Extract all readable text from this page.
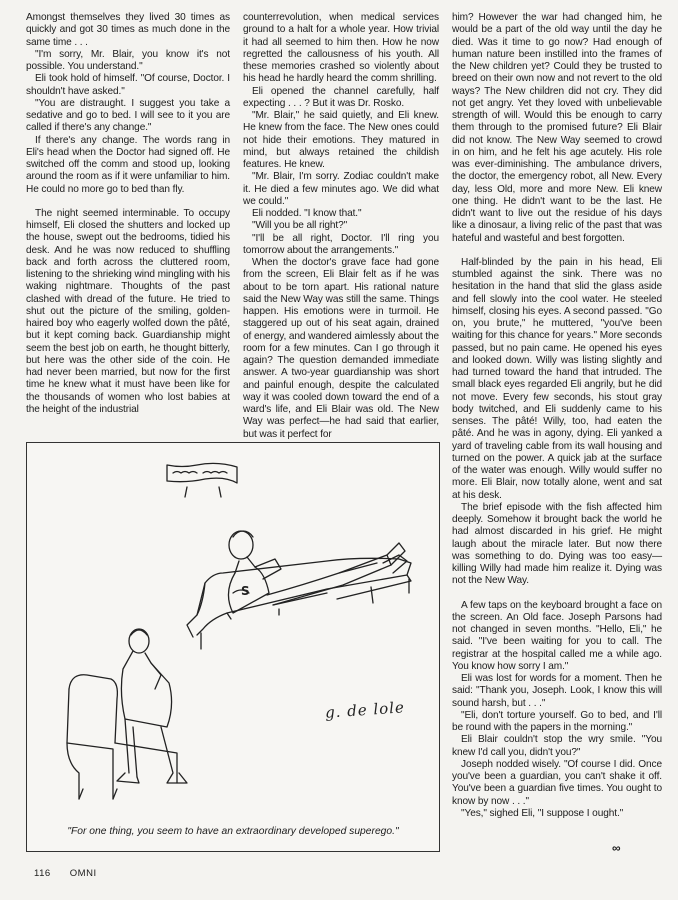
Amongst themselves they lived 30 times as quickly and got 30 times as much done in the same time . . .

"I'm sorry, Mr. Blair, you know it's not possible. You understand."

Eli took hold of himself. "Of course, Doctor. I shouldn't have asked."

"You are distraught. I suggest you take a sedative and go to bed. I will see to it you are called if there's any change."

If there's any change. The words rang in Eli's head when the Doctor had signed off. He switched off the comm and stood up, looking around the room as if it were unfamiliar to him. He could no more go to bed than fly.

The night seemed interminable. To occupy himself, Eli closed the shutters and locked up the house, swept out the bedrooms, tidied his desk. And he was now reduced to shuffling back and forth across the cluttered room, listening to the shrieking wind mingling with his waking nightmare. Thoughts of the past clashed with dread of the future. He tried to shut out the picture of the smiling, golden-haired boy who eagerly wolfed down the pâté, but it kept coming back. Guardianship might seem the best job on earth, he thought bitterly, but here was the other side of the coin. He had never been married, but now for the first time he knew what it must have been like for the thousands of women who lost babies at the height of the industrial

counterrevolution, when medical services ground to a halt for a whole year. How trivial it had all seemed to him then. How he now regretted the callousness of his youth. All these memories crashed so violently about his head he hardly heard the comm shrilling.

Eli opened the channel carefully, half expecting . . . ? But it was Dr. Rosko.

"Mr. Blair," he said quietly, and Eli knew. He knew from the face. The New ones could not hide their emotions. They matured in mind, but always retained the childish features. He knew.

"Mr. Blair, I'm sorry. Zodiac couldn't make it. He died a few minutes ago. We did what we could."

Eli nodded. "I know that."

"Will you be all right?"

"I'll be all right, Doctor. I'll ring you tomorrow about the arrangements."

When the doctor's grave face had gone from the screen, Eli Blair felt as if he was about to be torn apart. His rational nature said the New Way was still the same. Things happen. His emotions were in turmoil. He staggered up out of his seat again, drained of energy, and wandered aimlessly about the room for a few minutes. Can I go through it again? The question demanded immediate answer. A two-year guardianship was short and painful enough, despite the calculated way it was cooled down toward the end of a ward's life, and Eli Blair was old. The New Way was perfect—he had said that earlier, but was it perfect for

him? However the war had changed him, he would be a part of the old way until the day he died. Was it time to go now? Had enough of human nature been instilled into the frames of the New children yet? Could they be trusted to breed on their own now and not revert to the old ways? The New children did not cry. They did not get angry. Yet they loved with unbelievable strength of will. Would this be enough to carry them through to the promised future? Eli Blair did not know. The New Way seemed to crowd in on him, and he felt his age acutely. His role was ever-diminishing. The ambulance drivers, the doctor, the emergency robot, all New. Every day, less Old, more and more New. Eli knew one thing. He didn't want to be the last. He didn't want to live out the residue of his days like a dinosaur, a living relic of the past that was hateful and wasteful and best forgotten.

Half-blinded by the pain in his head, Eli stumbled against the sink. There was no hesitation in the hand that slid the glass aside and fell slowly into the cool water. He steeled himself, closing his eyes. A second passed. "Go on, you brute," he muttered, "you've been waiting for this chance for years." More seconds passed, but no pain came. He opened his eyes and looked down. Willy was listing slightly and had turned toward the hand that intruded. The small black eyes regarded Eli angrily, but he did not move. Every few seconds, his stout gray body twitched, and Eli suddenly came to his senses. The pâté! Willy, too, had eaten the pâté. And he was in agony, dying. Eli yanked a yard of traveling cable from its wall housing and turned on the power. A quick jab at the surface of the water was enough. Willy would suffer no more. Eli Blair, now totally alone, went and sat at his desk.

The brief episode with the fish affected him deeply. Somehow it brought back the world he had almost discarded in his grief. He might laugh about the miracle later. But now there was something to do. Dying was too easy—killing Willy had made him realize it. Dying was not the New Way.

A few taps on the keyboard brought a face on the screen. An Old face. Joseph Parsons had not changed in seven months. "Hello, Eli," he said. "I've been waiting for you to call. The registrar at the hospital called me a while ago. You know how sorry I am."

Eli was lost for words for a moment. Then he said: "Thank you, Joseph. Look, I know this will sound harsh, but . . ."

"Eli, don't torture yourself. Go to bed, and I'll be round with the papers in the morning."

Eli Blair couldn't stop the wry smile. "You knew I'd call you, didn't you?"

Joseph nodded wisely. "Of course I did. Once you've been a guardian, you can't shake it off. You've been a guardian five times. You ought to know by now . . ."

"Yes," sighed Eli, "I suppose I ought."

S
g. de lole
"For one thing, you seem to have an extraordinary developed superego."
116 OMNI
∞
